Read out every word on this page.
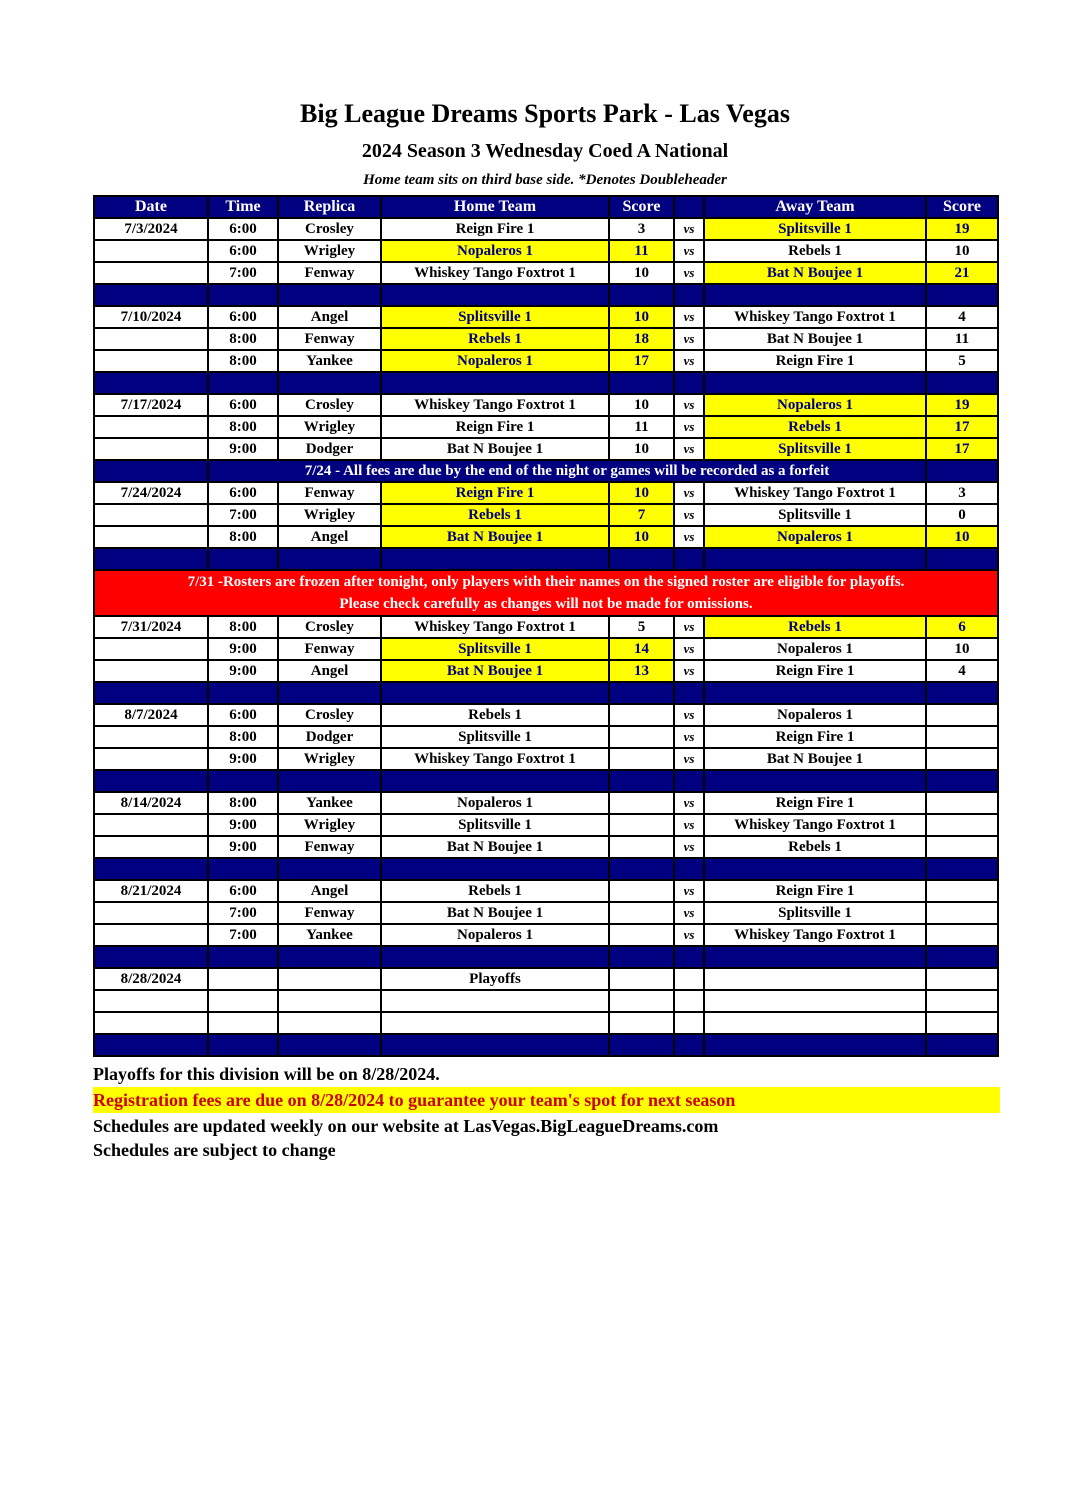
Big League Dreams Sports Park - Las Vegas
2024 Season 3 Wednesday Coed A National
Home team sits on third base side. *Denotes Doubleheader
Date	Time	Replica	Home Team	Score		Away Team	Score
7/3/2024	6:00	Crosley	Reign Fire 1	3	vs	Splitsville 1	19
	6:00	Wrigley	Nopaleros 1	11	vs	Rebels 1	10
	7:00	Fenway	Whiskey Tango Foxtrot 1	10	vs	Bat N Boujee 1	21

7/10/2024	6:00	Angel	Splitsville 1	10	vs	Whiskey Tango Foxtrot 1	4
	8:00	Fenway	Rebels 1	18	vs	Bat N Boujee 1	11
	8:00	Yankee	Nopaleros 1	17	vs	Reign Fire 1	5

7/17/2024	6:00	Crosley	Whiskey Tango Foxtrot 1	10	vs	Nopaleros 1	19
	8:00	Wrigley	Reign Fire 1	11	vs	Rebels 1	17
	9:00	Dodger	Bat N Boujee 1	10	vs	Splitsville 1	17
	7/24 - All fees are due by the end of the night or games will be recorded as a forfeit						
7/24/2024	6:00	Fenway	Reign Fire 1	10	vs	Whiskey Tango Foxtrot 1	3
	7:00	Wrigley	Rebels 1	7	vs	Splitsville 1	0
	8:00	Angel	Bat N Boujee 1	10	vs	Nopaleros 1	10

7/31 -Rosters are frozen after tonight, only players with their names on the signed roster are eligible for playoffs.
Please check carefully as changes will not be made for omissions.							

7/31/2024	8:00	Crosley	Whiskey Tango Foxtrot 1	5	vs	Rebels 1	6
	9:00	Fenway	Splitsville 1	14	vs	Nopaleros 1	10
	9:00	Angel	Bat N Boujee 1	13	vs	Reign Fire 1	4

8/7/2024	6:00	Crosley	Rebels 1		vs	Nopaleros 1	
	8:00	Dodger	Splitsville 1		vs	Reign Fire 1	
	9:00	Wrigley	Whiskey Tango Foxtrot 1		vs	Bat N Boujee 1	

8/14/2024	8:00	Yankee	Nopaleros 1		vs	Reign Fire 1	
	9:00	Wrigley	Splitsville 1		vs	Whiskey Tango Foxtrot 1	
	9:00	Fenway	Bat N Boujee 1		vs	Rebels 1	

8/21/2024	6:00	Angel	Rebels 1		vs	Reign Fire 1	
	7:00	Fenway	Bat N Boujee 1		vs	Splitsville 1	
	7:00	Yankee	Nopaleros 1		vs	Whiskey Tango Foxtrot 1	

8/28/2024			Playoffs				

Playoffs for this division will be on 8/28/2024.
Registration fees are due on 8/28/2024 to guarantee your team's spot for next season
Schedules are updated weekly on our website at LasVegas.BigLeagueDreams.com
Schedules are subject to change
